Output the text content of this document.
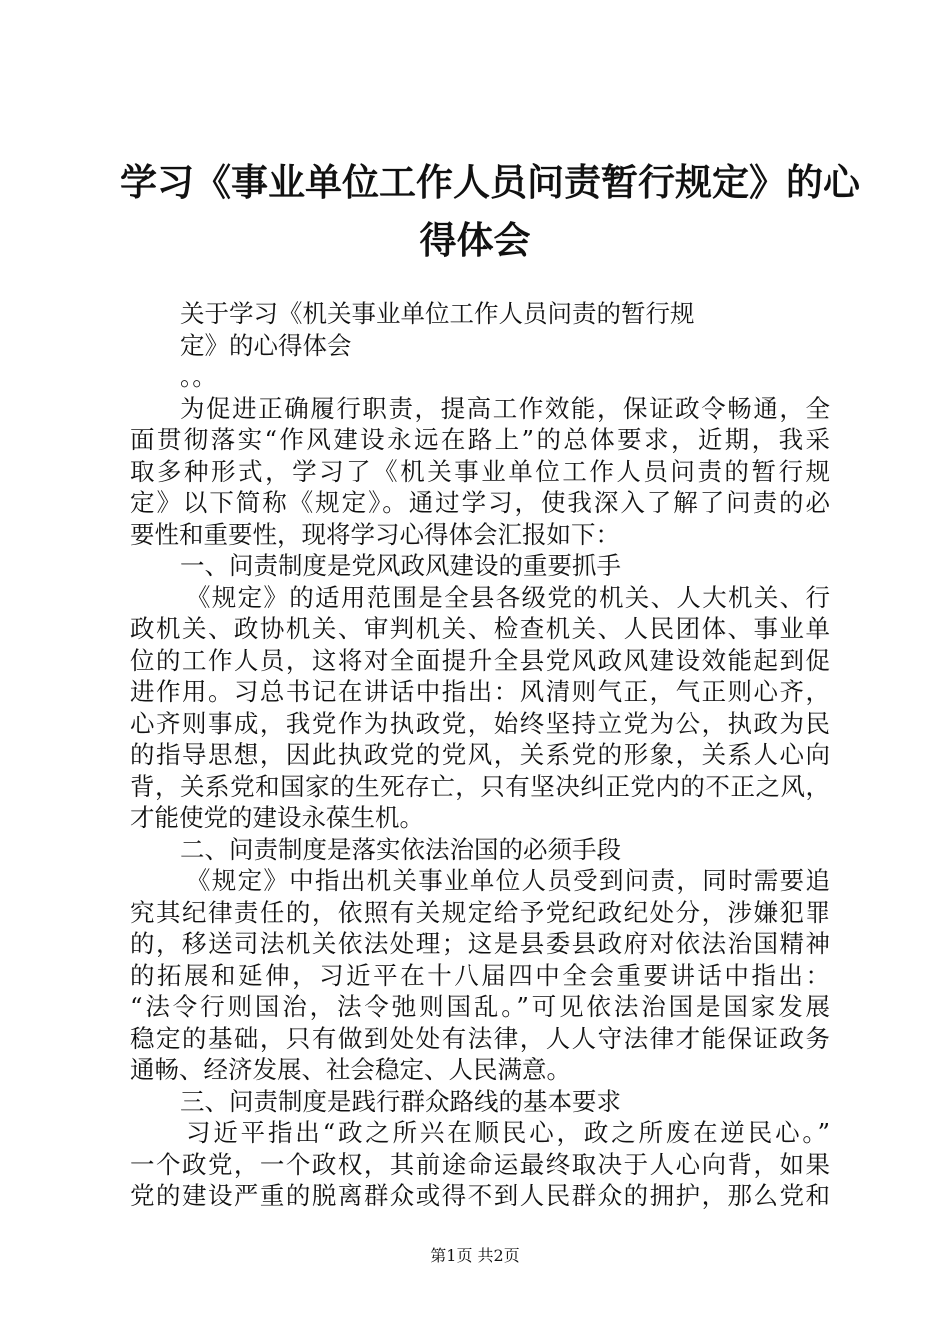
学习《事业单位工作人员问责暂行规定》的心
得体会
关于学习《机关事业单位工作人员问责的暂行规
定》的心得体会
。。
为促进正确履行职责，提高工作效能，保证政令畅通，全
面贯彻落实“作风建设永远在路上”的总体要求，近期，我采
取多种形式，学习了《机关事业单位工作人员问责的暂行规
定》以下简称《规定》。通过学习，使我深入了解了问责的必
要性和重要性，现将学习心得体会汇报如下：
一、问责制度是党风政风建设的重要抓手
《规定》的适用范围是全县各级党的机关、人大机关、行
政机关、政协机关、审判机关、检查机关、人民团体、事业单
位的工作人员，这将对全面提升全县党风政风建设效能起到促
进作用。习总书记在讲话中指出：风清则气正，气正则心齐，
心齐则事成，我党作为执政党，始终坚持立党为公，执政为民
的指导思想，因此执政党的党风，关系党的形象，关系人心向
背，关系党和国家的生死存亡，只有坚决纠正党内的不正之风，
才能使党的建设永葆生机。
二、问责制度是落实依法治国的必须手段
《规定》中指出机关事业单位人员受到问责，同时需要追
究其纪律责任的，依照有关规定给予党纪政纪处分，涉嫌犯罪
的，移送司法机关依法处理；这是县委县政府对依法治国精神
的拓展和延伸，习近平在十八届四中全会重要讲话中指出：
“法令行则国治，法令弛则国乱。”可见依法治国是国家发展
稳定的基础，只有做到处处有法律，人人守法律才能保证政务
通畅、经济发展、社会稳定、人民满意。
三、问责制度是践行群众路线的基本要求
习近平指出“政之所兴在顺民心，政之所废在逆民心。”
一个政党，一个政权，其前途命运最终取决于人心向背，如果
党的建设严重的脱离群众或得不到人民群众的拥护，那么党和
第1页 共2页
